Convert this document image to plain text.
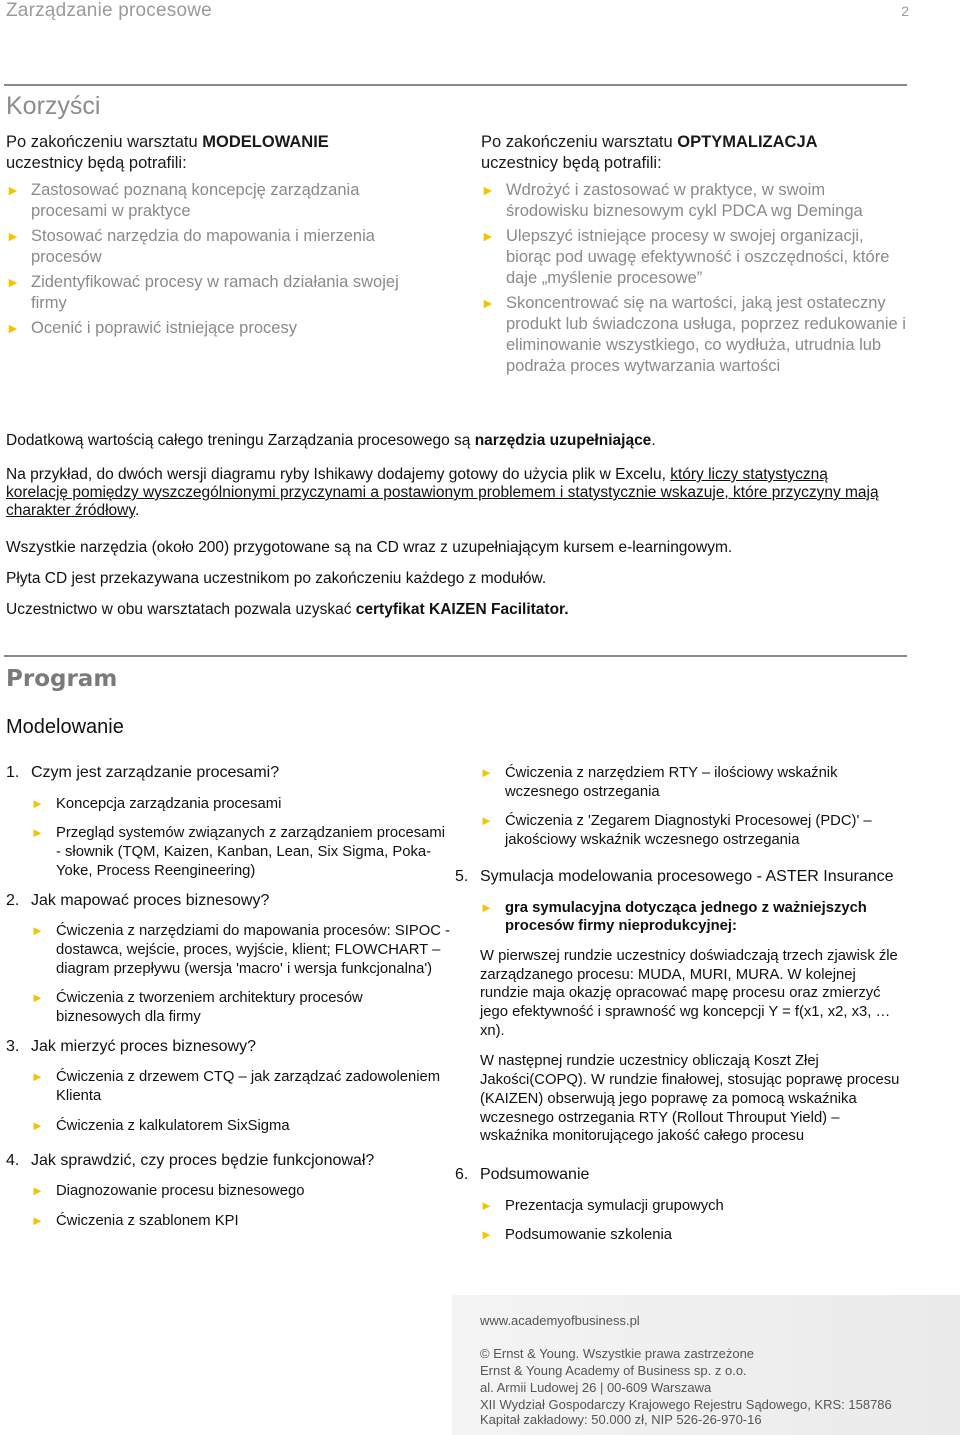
Zarządzanie procesowe	2
Korzyści
Po zakończeniu warsztatu MODELOWANIE
uczestnicy będą potrafili:
► Zastosować poznaną koncepcję zarządzania procesami w praktyce
► Stosować narzędzia do mapowania i mierzenia procesów
► Zidentyfikować procesy w ramach działania swojej firmy
► Ocenić i poprawić istniejące procesy
Po zakończeniu warsztatu OPTYMALIZACJA
uczestnicy będą potrafili:
► Wdrożyć i zastosować w praktyce, w swoim środowisku biznesowym cykl PDCA wg Deminga
► Ulepszyć istniejące procesy w swojej organizacji, biorąc pod uwagę efektywność i oszczędności, które daje „myślenie procesowe”
► Skoncentrować się na wartości, jaką jest ostateczny produkt lub świadczona usługa, poprzez redukowanie i eliminowanie wszystkiego, co wydłuża, utrudnia lub podraża proces wytwarzania wartości
Dodatkową wartością całego treningu Zarządzania procesowego są narzędzia uzupełniające.
Na przykład, do dwóch wersji diagramu ryby Ishikawy dodajemy gotowy do użycia plik w Excelu, który liczy statystyczną korelację pomiędzy wyszczególnionymi przyczynami a postawionym problemem i statystycznie wskazuje, które przyczyny mają charakter źródłowy.
Wszystkie narzędzia (około 200) przygotowane są na CD wraz z uzupełniającym kursem e-learningowym.
Płyta CD jest przekazywana uczestnikom po zakończeniu każdego z modułów.
Uczestnictwo w obu warsztatach pozwala uzyskać certyfikat KAIZEN Facilitator.
Program
Modelowanie
1. Czym jest zarządzanie procesami?
► Koncepcja zarządzania procesami
► Przegląd systemów związanych z zarządzaniem procesami - słownik (TQM, Kaizen, Kanban, Lean, Six Sigma, Poka-Yoke, Process Reengineering)
2. Jak mapować proces biznesowy?
► Ćwiczenia z narzędziami do mapowania procesów: SIPOC -dostawca, wejście, proces, wyjście, klient; FLOWCHART – diagram przepływu (wersja 'macro' i wersja funkcjonalna')
► Ćwiczenia z tworzeniem architektury procesów biznesowych dla firmy
3. Jak mierzyć proces biznesowy?
► Ćwiczenia z drzewem CTQ – jak zarządzać zadowoleniem Klienta
► Ćwiczenia z kalkulatorem SixSigma
4. Jak sprawdzić, czy proces będzie funkcjonował?
► Diagnozowanie procesu biznesowego
► Ćwiczenia z szablonem KPI
► Ćwiczenia z narzędziem RTY – ilościowy wskaźnik wczesnego ostrzegania
► Ćwiczenia z 'Zegarem Diagnostyki Procesowej (PDC)' – jakościowy wskaźnik wczesnego ostrzegania
5. Symulacja modelowania procesowego - ASTER Insurance
► gra symulacyjna dotycząca jednego z ważniejszych procesów firmy nieprodukcyjnej:
W pierwszej rundzie uczestnicy doświadczają trzech zjawisk źle zarządzanego procesu: MUDA, MURI, MURA. W kolejnej rundzie maja okazję opracować mapę procesu oraz zmierzyć jego efektywność i sprawność wg koncepcji Y = f(x1, x2, x3, … xn).
W następnej rundzie uczestnicy obliczają Koszt Złej Jakości(COPQ). W rundzie finałowej, stosując poprawę procesu (KAIZEN) obserwują jego poprawę za pomocą wskaźnika wczesnego ostrzegania RTY (Rollout Throuput Yield) – wskaźnika monitorującego jakość całego procesu
6. Podsumowanie
► Prezentacja symulacji grupowych
► Podsumowanie szkolenia
www.academyofbusiness.pl
© Ernst & Young. Wszystkie prawa zastrzeżone
Ernst & Young Academy of Business sp. z o.o.
al. Armii Ludowej 26 | 00-609 Warszawa
XII Wydział Gospodarczy Krajowego Rejestru Sądowego, KRS: 158786 Kapitał zakładowy: 50.000 zł, NIP 526-26-970-16
